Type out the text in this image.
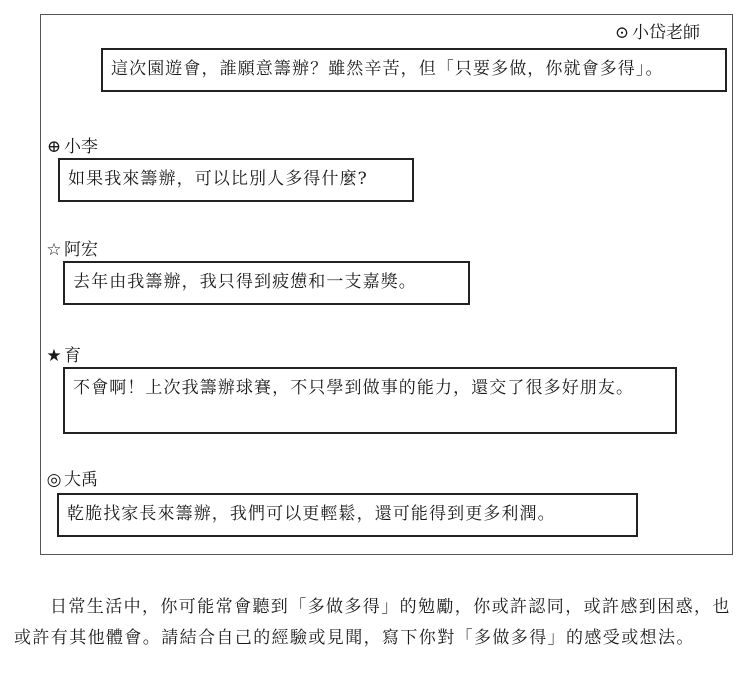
⊙ 小岱老師
這次園遊會，誰願意籌辦？雖然辛苦，但「只要多做，你就會多得」。
⊕ 小李
如果我來籌辦，可以比別人多得什麼?
☆ 阿宏
去年由我籌辦，我只得到疲憊和一支嘉獎。
★ 育
不會啊！上次我籌辦球賽，不只學到做事的能力，還交了很多好朋友。
◎ 大禹
乾脆找家長來籌辦，我們可以更輕鬆，還可能得到更多利潤。
日常生活中，你可能常會聽到「多做多得」的勉勵，你或許認同，或許感到困惑，也或許有其他體會。請結合自己的經驗或見聞，寫下你對「多做多得」的感受或想法。
